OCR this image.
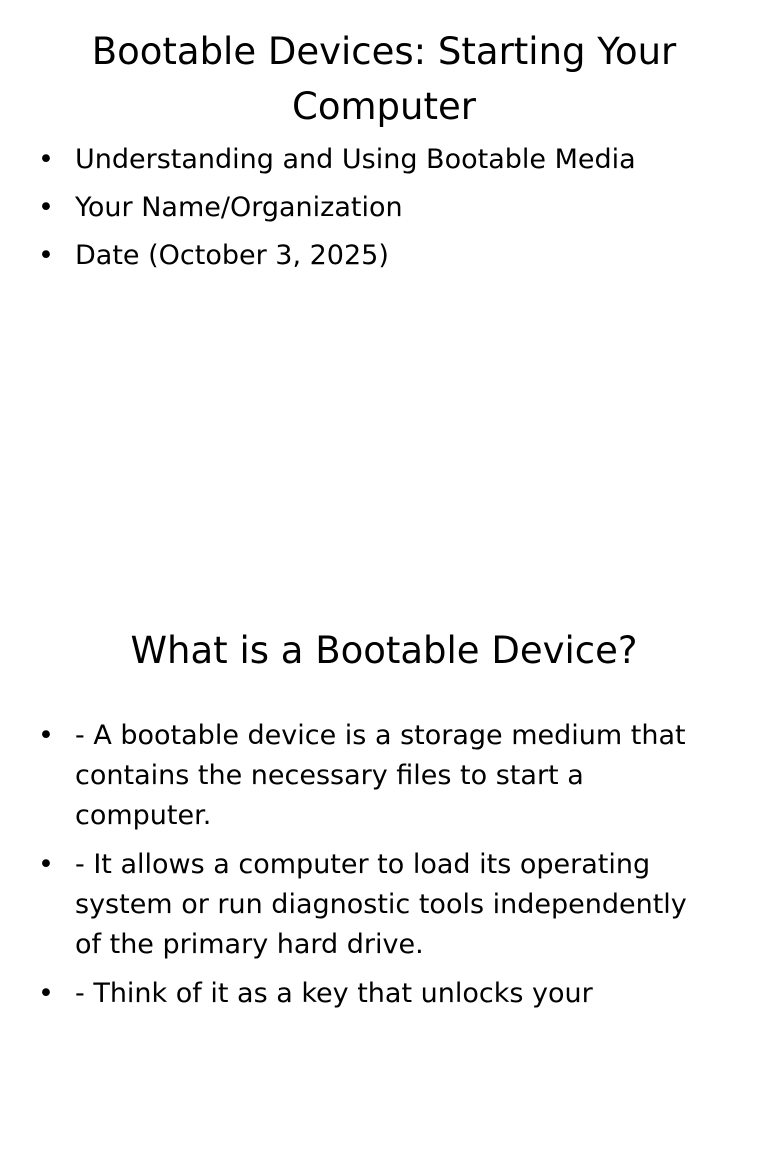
Bootable Devices: Starting Your Computer
• Understanding and Using Bootable Media
• Your Name/Organization
• Date (October 3, 2025)
What is a Bootable Device?
• - A bootable device is a storage medium that contains the necessary files to start a computer.
• - It allows a computer to load its operating system or run diagnostic tools independently of the primary hard drive.
• - Think of it as a key that unlocks your
